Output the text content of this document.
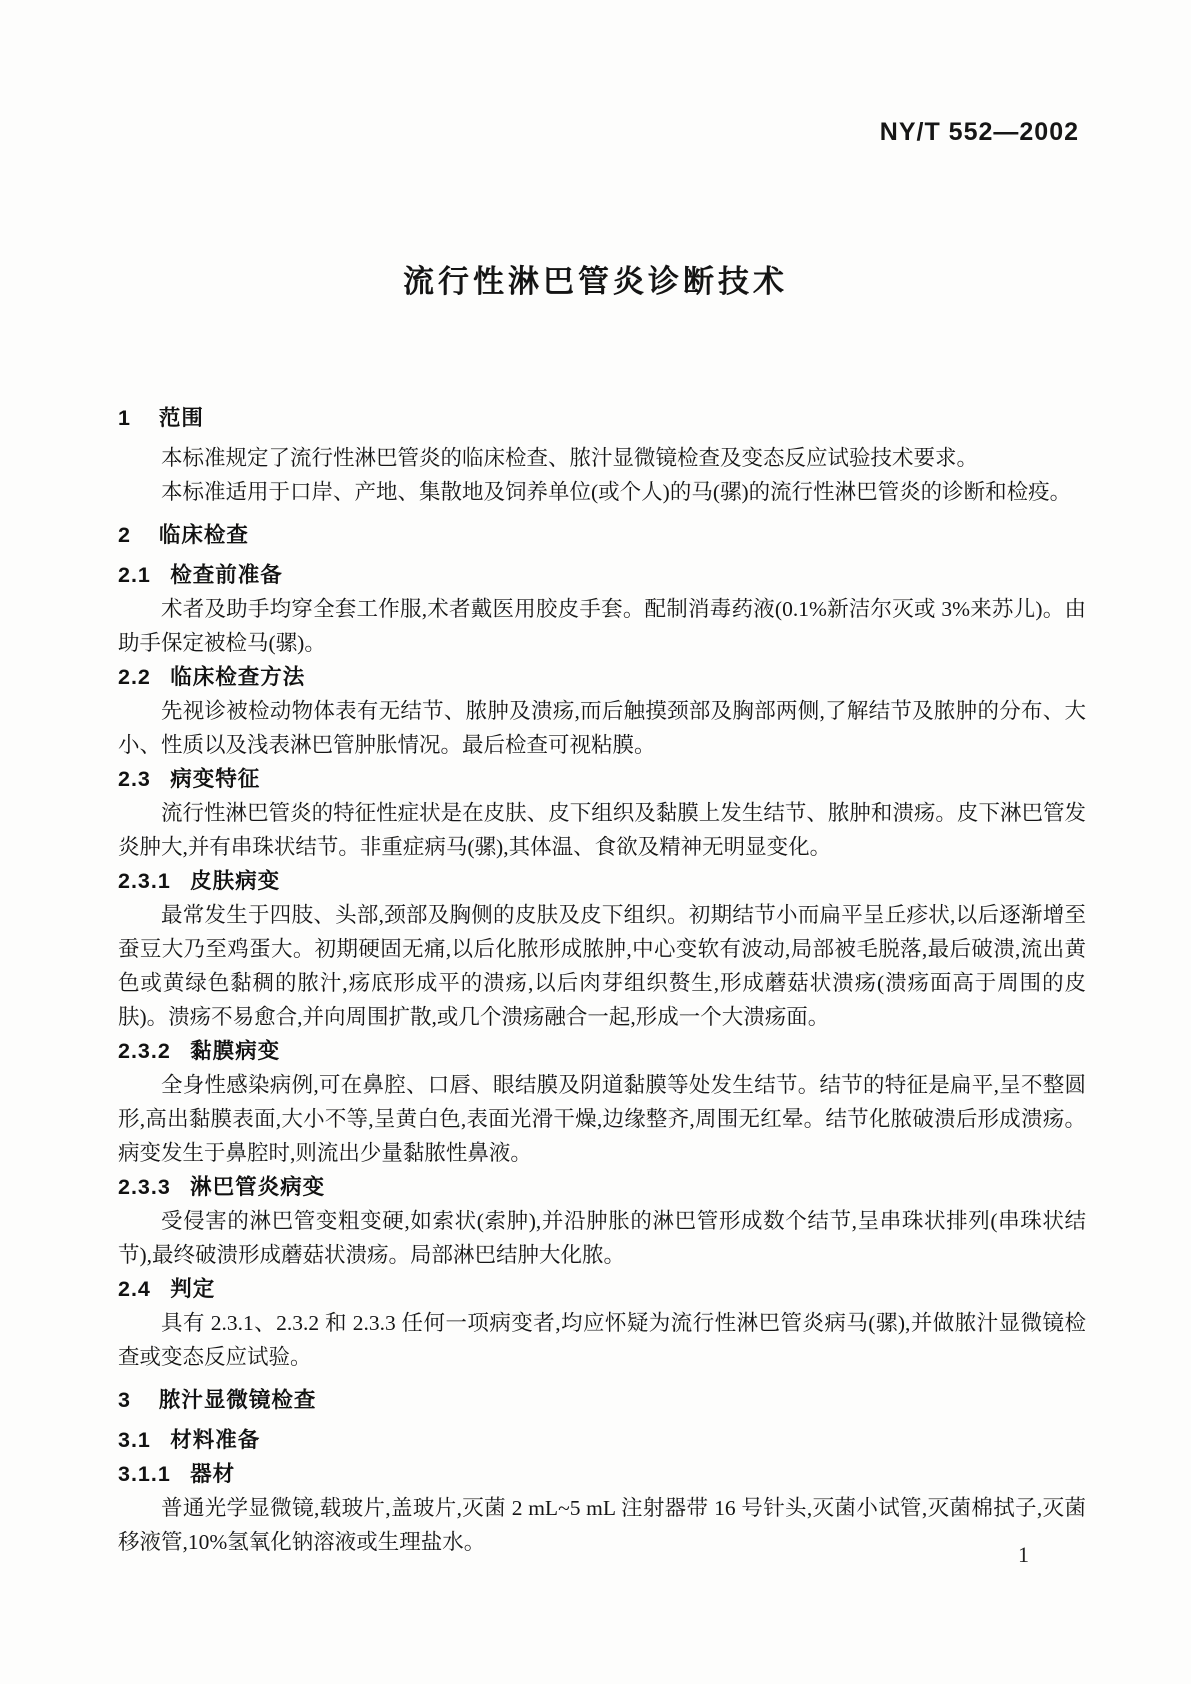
NY/T 552—2002
流行性淋巴管炎诊断技术
1 范围

本标准规定了流行性淋巴管炎的临床检查、脓汁显微镜检查及变态反应试验技术要求。

本标准适用于口岸、产地、集散地及饲养单位(或个人)的马(骡)的流行性淋巴管炎的诊断和检疫。

2 临床检查
2.1 检查前准备

术者及助手均穿全套工作服,术者戴医用胶皮手套。配制消毒药液(0.1%新洁尔灭或 3%来苏儿)。由助手保定被检马(骡)。

2.2 临床检查方法

先视诊被检动物体表有无结节、脓肿及溃疡,而后触摸颈部及胸部两侧,了解结节及脓肿的分布、大小、性质以及浅表淋巴管肿胀情况。最后检查可视粘膜。

2.3 病变特征

流行性淋巴管炎的特征性症状是在皮肤、皮下组织及黏膜上发生结节、脓肿和溃疡。皮下淋巴管发炎肿大,并有串珠状结节。非重症病马(骡),其体温、食欲及精神无明显变化。

2.3.1 皮肤病变

最常发生于四肢、头部,颈部及胸侧的皮肤及皮下组织。初期结节小而扁平呈丘疹状,以后逐渐增至蚕豆大乃至鸡蛋大。初期硬固无痛,以后化脓形成脓肿,中心变软有波动,局部被毛脱落,最后破溃,流出黄色或黄绿色黏稠的脓汁,疡底形成平的溃疡,以后肉芽组织赘生,形成蘑菇状溃疡(溃疡面高于周围的皮肤)。溃疡不易愈合,并向周围扩散,或几个溃疡融合一起,形成一个大溃疡面。

2.3.2 黏膜病变

全身性感染病例,可在鼻腔、口唇、眼结膜及阴道黏膜等处发生结节。结节的特征是扁平,呈不整圆形,高出黏膜表面,大小不等,呈黄白色,表面光滑干燥,边缘整齐,周围无红晕。结节化脓破溃后形成溃疡。病变发生于鼻腔时,则流出少量黏脓性鼻液。

2.3.3 淋巴管炎病变

受侵害的淋巴管变粗变硬,如索状(索肿),并沿肿胀的淋巴管形成数个结节,呈串珠状排列(串珠状结节),最终破溃形成蘑菇状溃疡。局部淋巴结肿大化脓。

2.4 判定

具有 2.3.1、2.3.2 和 2.3.3 任何一项病变者,均应怀疑为流行性淋巴管炎病马(骡),并做脓汁显微镜检查或变态反应试验。

3 脓汁显微镜检查
3.1 材料准备
3.1.1 器材

普通光学显微镜,载玻片,盖玻片,灭菌 2 mL~5 mL 注射器带 16 号针头,灭菌小试管,灭菌棉拭子,灭菌移液管,10%氢氧化钠溶液或生理盐水。	1
